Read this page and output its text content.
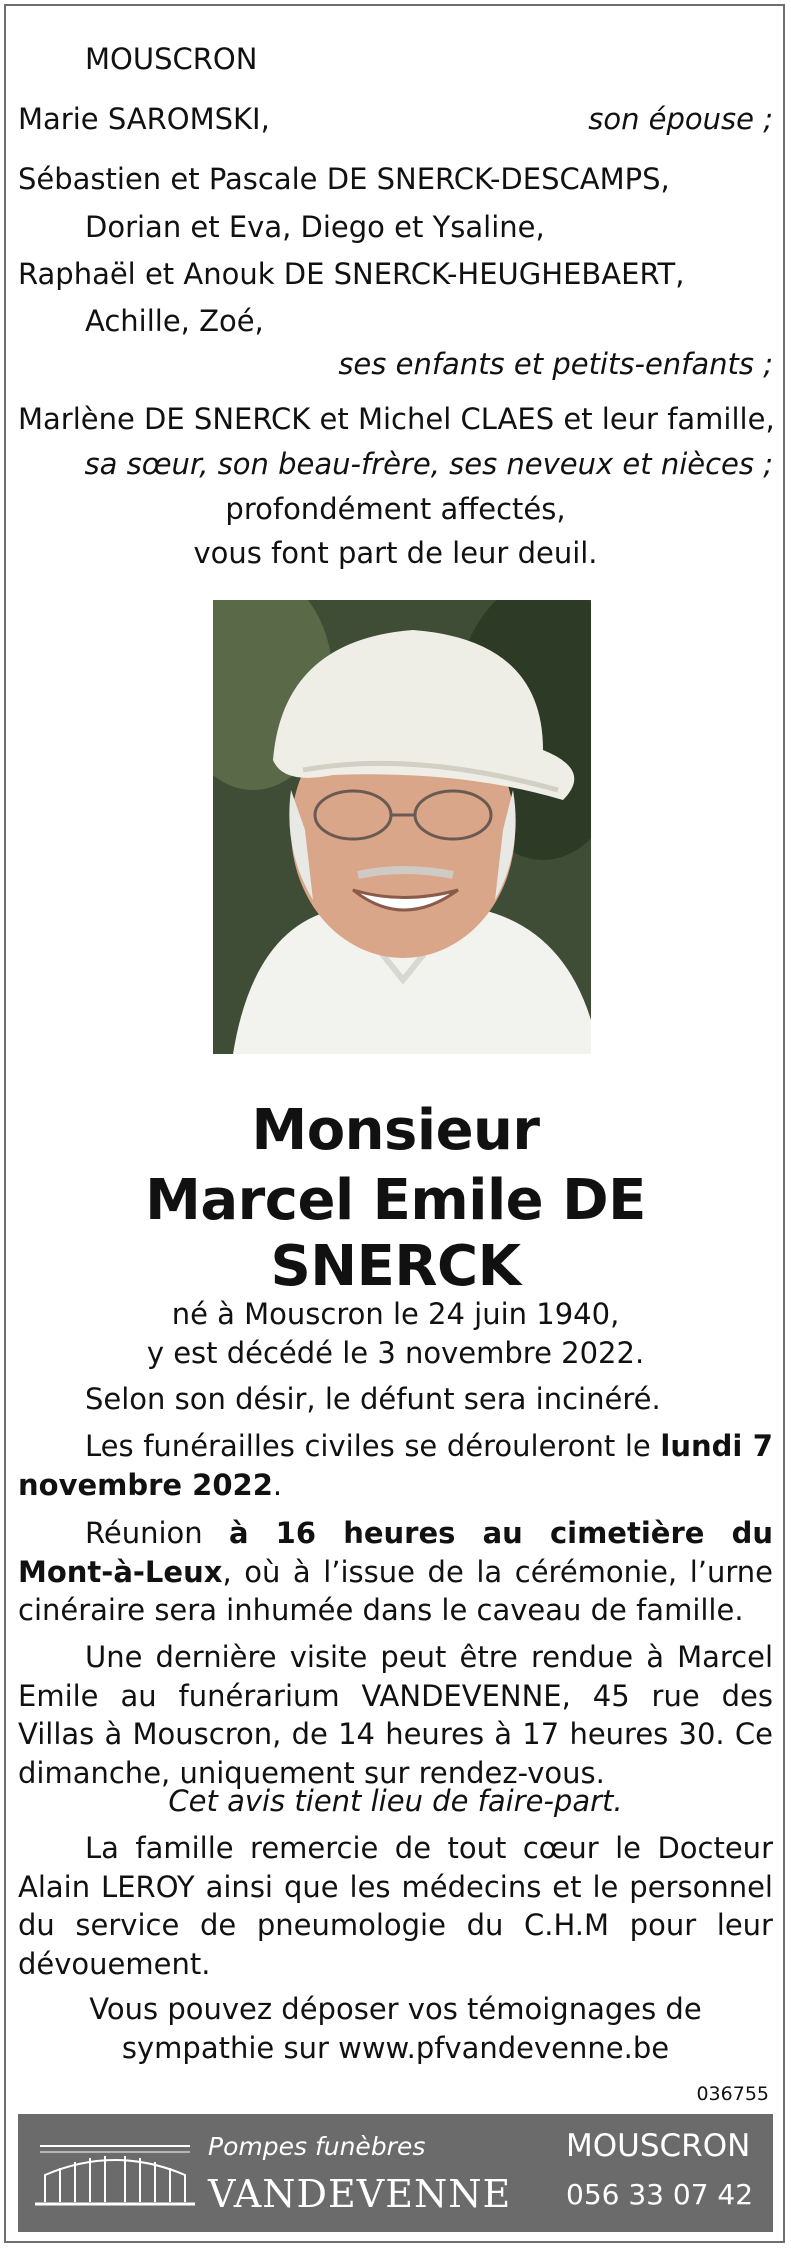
MOUSCRON
Marie SAROMSKI,	son épouse ;
Sébastien et Pascale DE SNERCK-DESCAMPS,
Dorian et Eva, Diego et Ysaline,
Raphaël et Anouk DE SNERCK-HEUGHEBAERT,
Achille, Zoé,
ses enfants et petits-enfants ;
Marlène DE SNERCK et Michel CLAES et leur famille,
sa sœur, son beau-frère, ses neveux et nièces ;
profondément affectés,
vous font part de leur deuil.
Monsieur
Marcel Emile DE SNERCK
né à Mouscron le 24 juin 1940,
y est décédé le 3 novembre 2022.
Selon son désir, le défunt sera incinéré.
Les funérailles civiles se dérouleront le lundi 7 novembre 2022.
Réunion à 16 heures au cimetière du Mont-à-Leux, où à l’issue de la cérémonie, l’urne cinéraire sera inhumée dans le caveau de famille.
Une dernière visite peut être rendue à Marcel Emile au funérarium VANDEVENNE, 45 rue des Villas à Mouscron, de 14 heures à 17 heures 30. Ce dimanche, uniquement sur rendez-vous.
Cet avis tient lieu de faire-part.
La famille remercie de tout cœur le Docteur Alain LEROY ainsi que les médecins et le personnel du service de pneumologie du C.H.M pour leur dévouement.
Vous pouvez déposer vos témoignages de
sympathie sur www.pfvandevenne.be
036755
Pompes funèbres
VANDEVENNE
MOUSCRON
056 33 07 42
